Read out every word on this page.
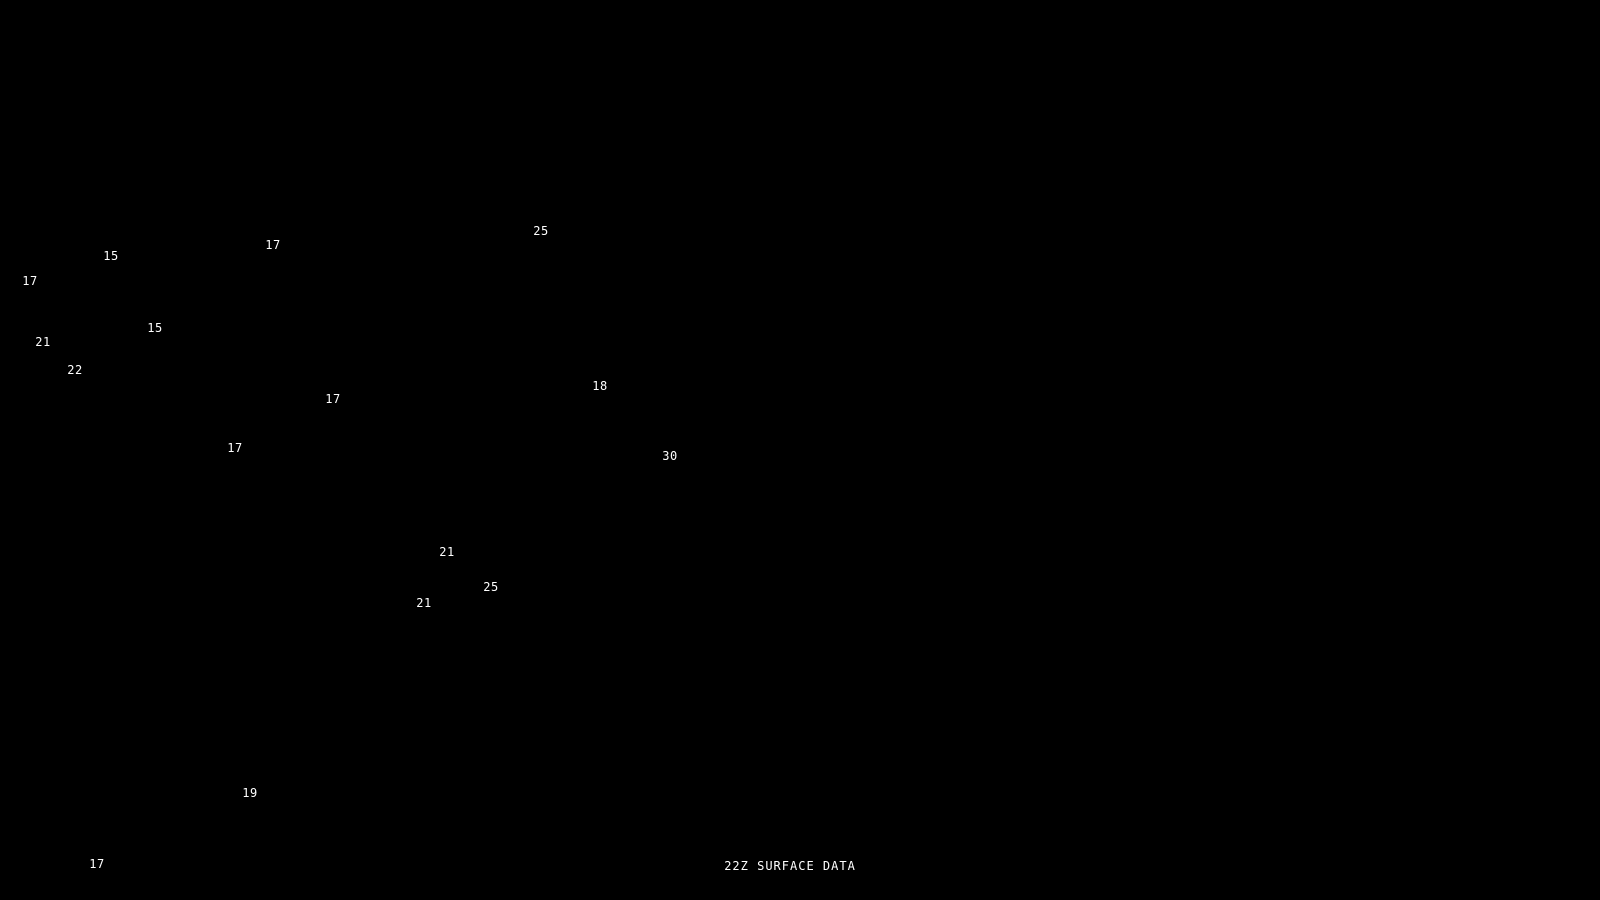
25
17
15
17
15
21
22
18
17
17
30
21
25
21
19
17	22Z SURFACE DATA
